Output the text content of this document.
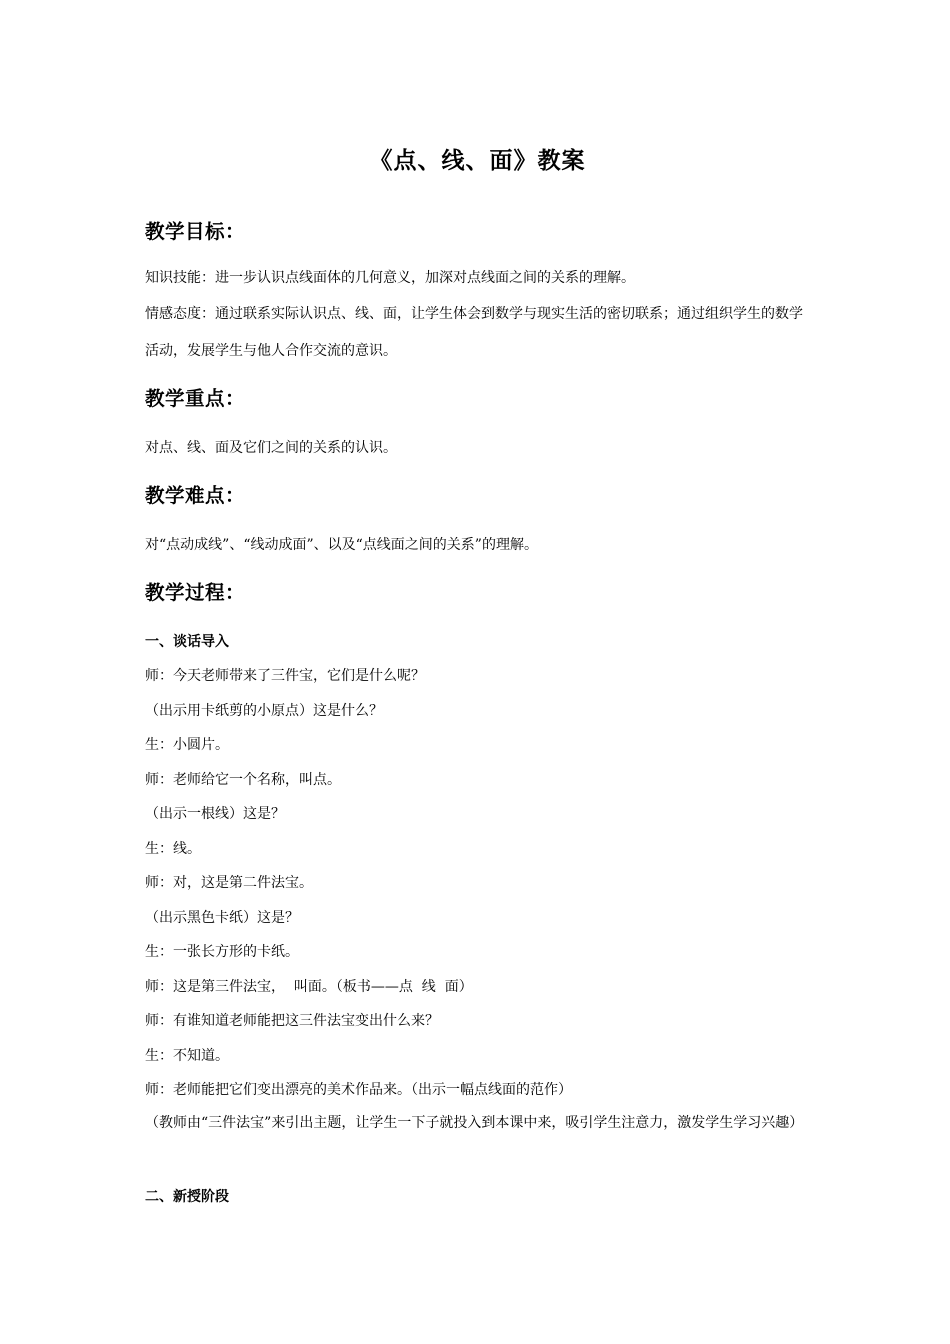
《点、线、面》教案
教学目标：
知识技能：进一步认识点线面体的几何意义，加深对点线面之间的关系的理解。
情感态度：通过联系实际认识点、线、面，让学生体会到数学与现实生活的密切联系；通过组织学生的数学活动，发展学生与他人合作交流的意识。
教学重点：
对点、线、面及它们之间的关系的认识。
教学难点：
对“点动成线”、“线动成面”、以及“点线面之间的关系”的理解。
教学过程：
一、谈话导入
师：今天老师带来了三件宝，它们是什么呢？
（出示用卡纸剪的小原点）这是什么？
生：小圆片。
师：老师给它一个名称，叫点。
（出示一根线）这是？
生：线。
师：对，这是第二件法宝。
（出示黑色卡纸）这是？
生：一张长方形的卡纸。
师：这是第三件法宝，  叫面。（板书——点  线  面）
师：有谁知道老师能把这三件法宝变出什么来？
生：不知道。
师：老师能把它们变出漂亮的美术作品来。（出示一幅点线面的范作）
（教师由“三件法宝”来引出主题，让学生一下子就投入到本课中来，吸引学生注意力，激发学生学习兴趣）
二、新授阶段
